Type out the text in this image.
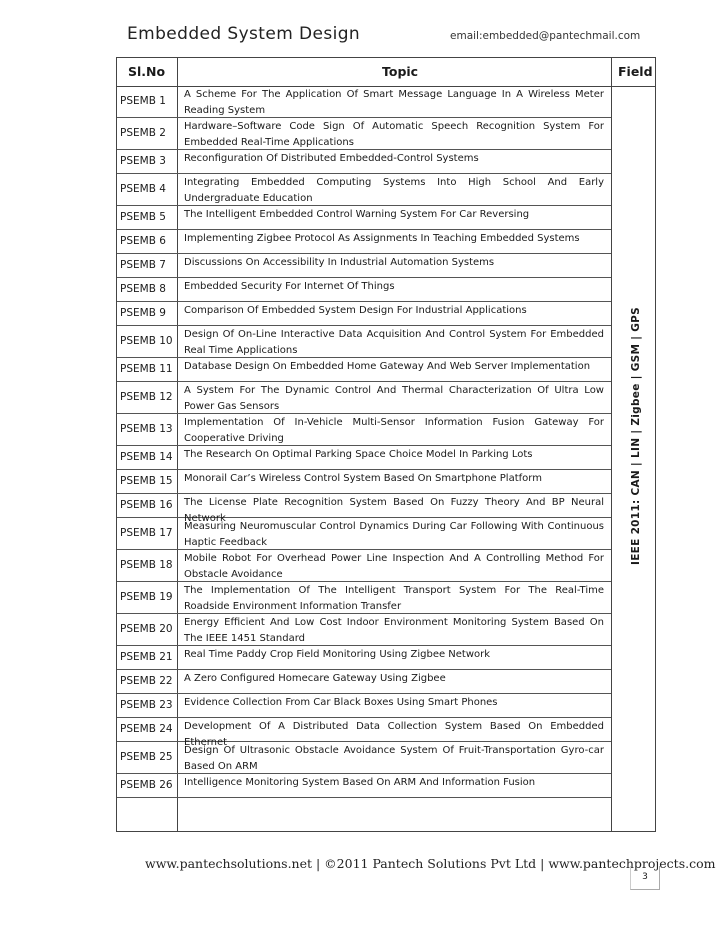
Embedded System Design	email:embedded@pantechmail.com
Sl.No	Topic	Field
PSEMB 1
A Scheme For The Application Of Smart Message Language In A Wireless Meter Reading System
PSEMB 2
Hardware–Software Code Sign Of Automatic Speech Recognition System For Embedded Real-Time Applications
PSEMB 3 Reconfiguration Of Distributed Embedded-Control Systems
PSEMB 4
Integrating Embedded Computing Systems Into High School And Early Undergraduate Education
PSEMB 5 The Intelligent Embedded Control Warning System For Car Reversing
PSEMB 6 Implementing Zigbee Protocol As Assignments In Teaching Embedded Systems
PSEMB 7 Discussions On Accessibility In Industrial Automation Systems
PSEMB 8 Embedded Security For Internet Of Things
PSEMB 9 Comparison Of Embedded System Design For Industrial Applications
PSEMB 10
Design Of On-Line Interactive Data Acquisition And Control System For Embedded Real Time Applications
PSEMB 11 Database Design On Embedded Home Gateway And Web Server Implementation
PSEMB 12
A System For The Dynamic Control And Thermal Characterization Of Ultra Low Power Gas Sensors
PSEMB 13
Implementation Of In-Vehicle Multi-Sensor Information Fusion Gateway For Cooperative Driving
PSEMB 14 The Research On Optimal Parking Space Choice Model In Parking Lots
PSEMB 15 Monorail Car’s Wireless Control System Based On Smartphone Platform
PSEMB 16 The License Plate Recognition System Based On Fuzzy Theory And BP Neural Network
PSEMB 17
Measuring Neuromuscular Control Dynamics During Car Following With Continuous Haptic Feedback
PSEMB 18
Mobile Robot For Overhead Power Line Inspection And A Controlling Method For Obstacle Avoidance
PSEMB 19
The Implementation Of The Intelligent Transport System For The Real-Time Roadside Environment Information Transfer
PSEMB 20
Energy Efficient And Low Cost Indoor Environment Monitoring System Based On The IEEE 1451 Standard
PSEMB 21 Real Time Paddy Crop Field Monitoring Using Zigbee Network
PSEMB 22 A Zero Configured Homecare Gateway Using Zigbee
PSEMB 23 Evidence Collection From Car Black Boxes Using Smart Phones
PSEMB 24 Development Of A Distributed Data Collection System Based On Embedded Ethernet
PSEMB 25
Design Of Ultrasonic Obstacle Avoidance System Of Fruit-Transportation Gyro-car Based On ARM
PSEMB 26 Intelligence Monitoring System Based On ARM And Information Fusion
IEEE 2011: CAN | LIN | Zigbee | GSM | GPS
www.pantechsolutions.net | ©2011 Pantech Solutions Pvt Ltd | www.pantechprojects.com
3
